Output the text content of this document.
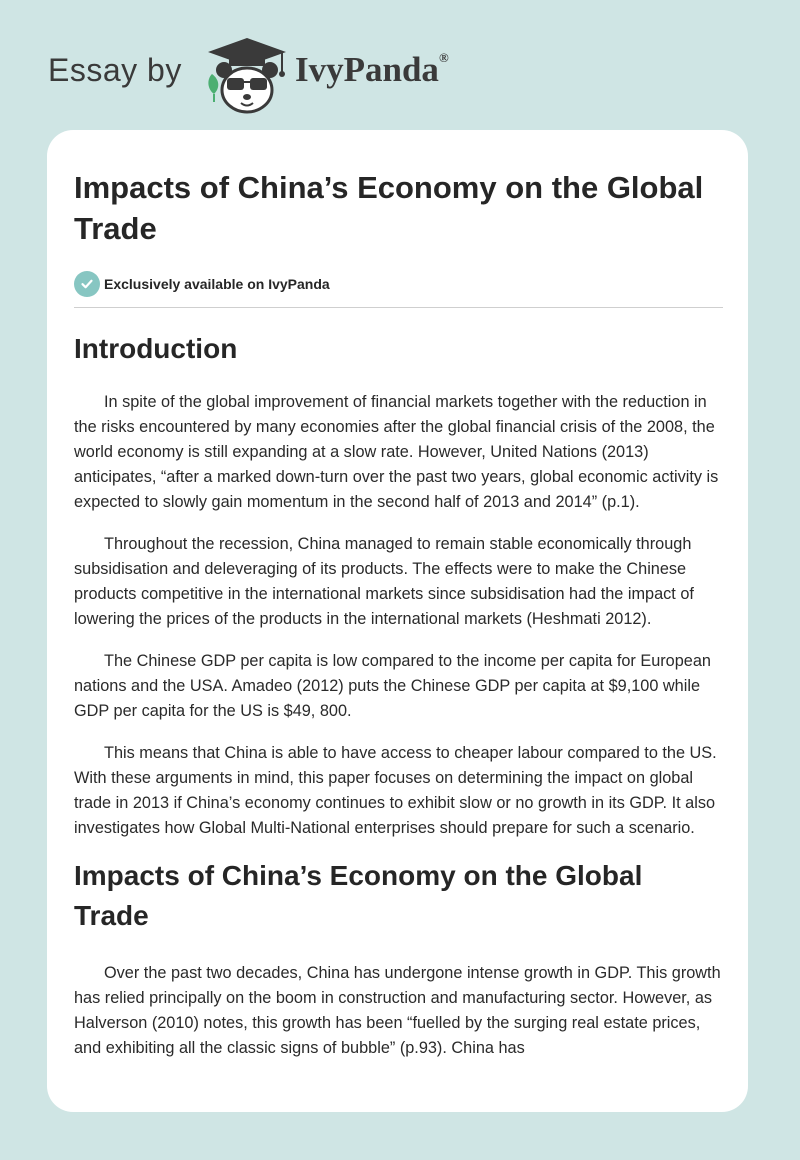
Essay by	IvyPanda®
Impacts of China’s Economy on the Global Trade
Exclusively available on IvyPanda
Introduction

In spite of the global improvement of financial markets together with the reduction in the risks encountered by many economies after the global financial crisis of the 2008, the world economy is still expanding at a slow rate. However, United Nations (2013) anticipates, “after a marked down-turn over the past two years, global economic activity is expected to slowly gain momentum in the second half of 2013 and 2014” (p.1).

Throughout the recession, China managed to remain stable economically through subsidisation and deleveraging of its products. The effects were to make the Chinese products competitive in the international markets since subsidisation had the impact of lowering the prices of the products in the international markets (Heshmati 2012).

The Chinese GDP per capita is low compared to the income per capita for European nations and the USA. Amadeo (2012) puts the Chinese GDP per capita at $9,100 while GDP per capita for the US is $49, 800.

This means that China is able to have access to cheaper labour compared to the US. With these arguments in mind, this paper focuses on determining the impact on global trade in 2013 if China’s economy continues to exhibit slow or no growth in its GDP. It also investigates how Global Multi-National enterprises should prepare for such a scenario.

Impacts of China’s Economy on the Global Trade

Over the past two decades, China has undergone intense growth in GDP. This growth has relied principally on the boom in construction and manufacturing sector. However, as Halverson (2010) notes, this growth has been “fuelled by the surging real estate prices, and exhibiting all the classic signs of bubble” (p.93). China has
